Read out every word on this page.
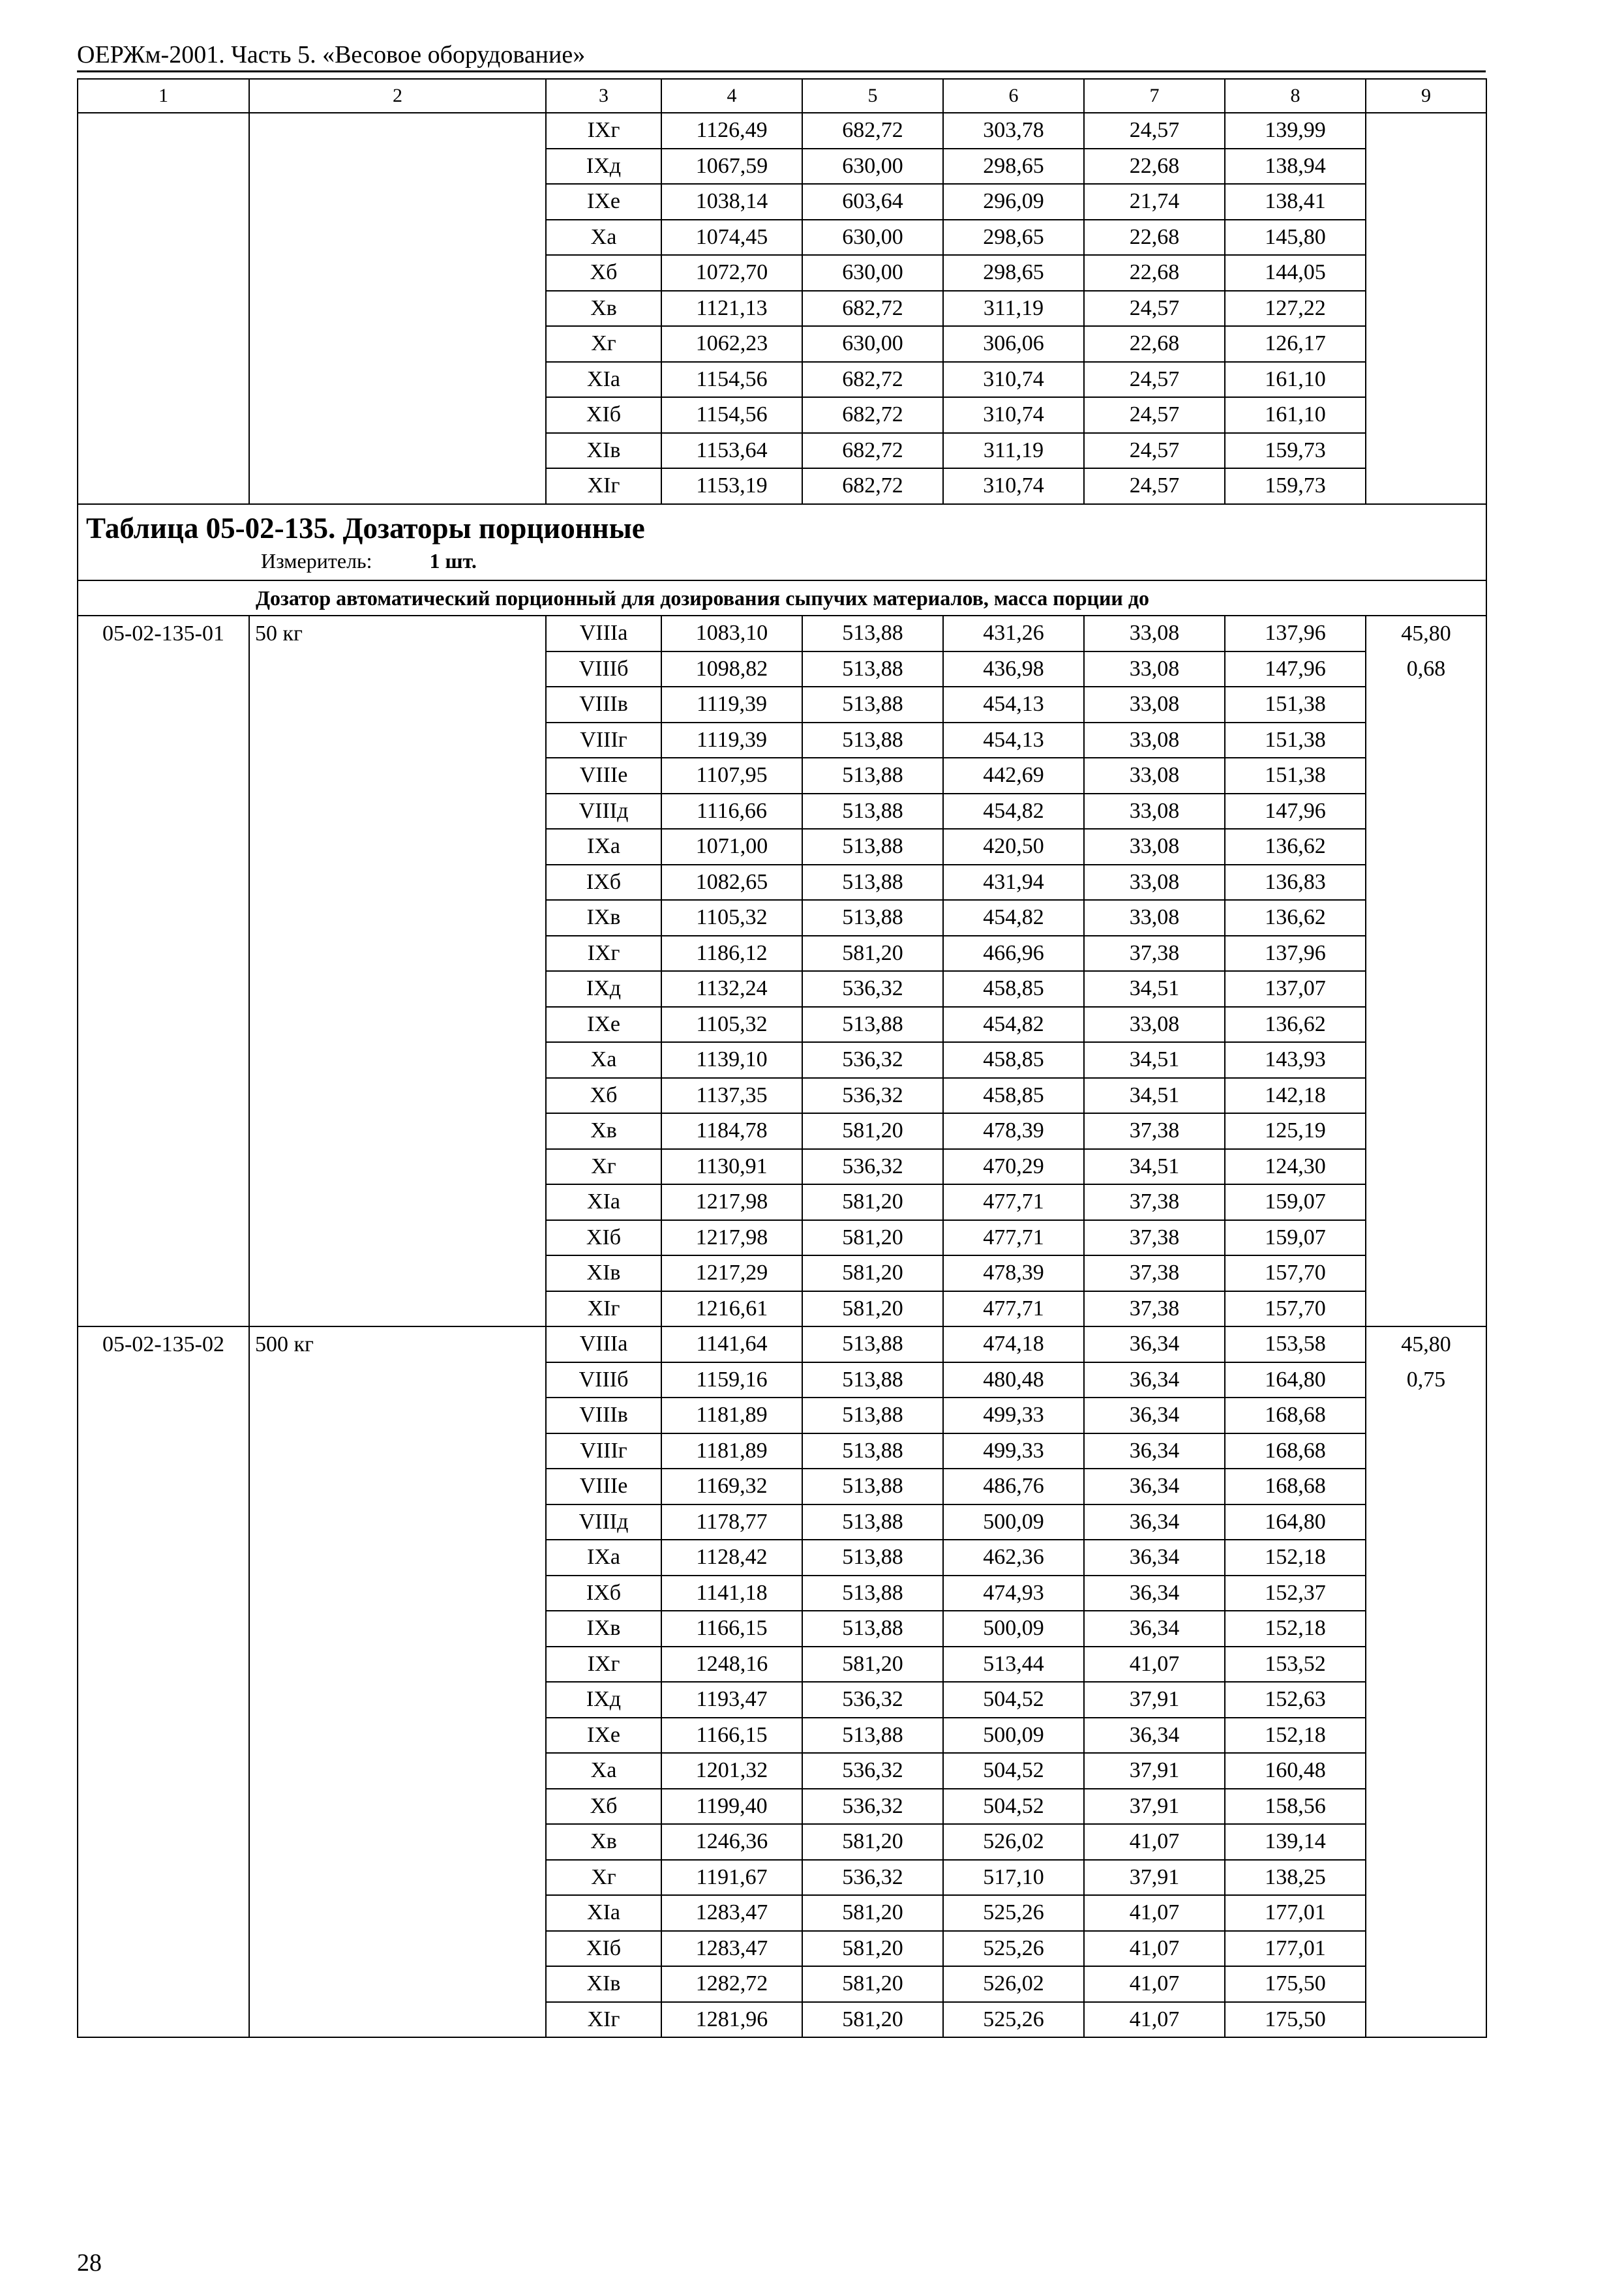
ОЕРЖм-2001. Часть 5. «Весовое оборудование»
1	2	3	4	5	6	7	8	9
		IXг	1126,49	682,72	303,78	24,57	139,99	
		IXд	1067,59	630,00	298,65	22,68	138,94	
		IXе	1038,14	603,64	296,09	21,74	138,41	
		Xа	1074,45	630,00	298,65	22,68	145,80	
		Xб	1072,70	630,00	298,65	22,68	144,05	
		Xв	1121,13	682,72	311,19	24,57	127,22	
		Xг	1062,23	630,00	306,06	22,68	126,17	
		XIа	1154,56	682,72	310,74	24,57	161,10	
		XIб	1154,56	682,72	310,74	24,57	161,10	
		XIв	1153,64	682,72	311,19	24,57	159,73	
		XIг	1153,19	682,72	310,74	24,57	159,73	

Таблица 05-02-135. Дозаторы порционные
Измеритель: 1 шт.								

Дозатор автоматический порционный для дозирования сыпучих материалов, масса порции до								
05-02-135-01	50 кг	VIIIа	1083,10	513,88	431,26	33,08	137,96	45,80
		VIIIб	1098,82	513,88	436,98	33,08	147,96	0,68
		VIIIв	1119,39	513,88	454,13	33,08	151,38	
		VIIIг	1119,39	513,88	454,13	33,08	151,38	
		VIIIе	1107,95	513,88	442,69	33,08	151,38	
		VIIIд	1116,66	513,88	454,82	33,08	147,96	
		IXа	1071,00	513,88	420,50	33,08	136,62	
		IXб	1082,65	513,88	431,94	33,08	136,83	
		IXв	1105,32	513,88	454,82	33,08	136,62	
		IXг	1186,12	581,20	466,96	37,38	137,96	
		IXд	1132,24	536,32	458,85	34,51	137,07	
		IXе	1105,32	513,88	454,82	33,08	136,62	
		Xа	1139,10	536,32	458,85	34,51	143,93	
		Xб	1137,35	536,32	458,85	34,51	142,18	
		Xв	1184,78	581,20	478,39	37,38	125,19	
		Xг	1130,91	536,32	470,29	34,51	124,30	
		XIа	1217,98	581,20	477,71	37,38	159,07	
		XIб	1217,98	581,20	477,71	37,38	159,07	
		XIв	1217,29	581,20	478,39	37,38	157,70	
		XIг	1216,61	581,20	477,71	37,38	157,70	
05-02-135-02	500 кг	VIIIа	1141,64	513,88	474,18	36,34	153,58	45,80
		VIIIб	1159,16	513,88	480,48	36,34	164,80	0,75
		VIIIв	1181,89	513,88	499,33	36,34	168,68	
		VIIIг	1181,89	513,88	499,33	36,34	168,68	
		VIIIе	1169,32	513,88	486,76	36,34	168,68	
		VIIIд	1178,77	513,88	500,09	36,34	164,80	
		IXа	1128,42	513,88	462,36	36,34	152,18	
		IXб	1141,18	513,88	474,93	36,34	152,37	
		IXв	1166,15	513,88	500,09	36,34	152,18	
		IXг	1248,16	581,20	513,44	41,07	153,52	
		IXд	1193,47	536,32	504,52	37,91	152,63	
		IXе	1166,15	513,88	500,09	36,34	152,18	
		Xа	1201,32	536,32	504,52	37,91	160,48	
		Xб	1199,40	536,32	504,52	37,91	158,56	
		Xв	1246,36	581,20	526,02	41,07	139,14	
		Xг	1191,67	536,32	517,10	37,91	138,25	
		XIа	1283,47	581,20	525,26	41,07	177,01	
		XIб	1283,47	581,20	525,26	41,07	177,01	
		XIв	1282,72	581,20	526,02	41,07	175,50	
		XIг	1281,96	581,20	525,26	41,07	175,50	
28
